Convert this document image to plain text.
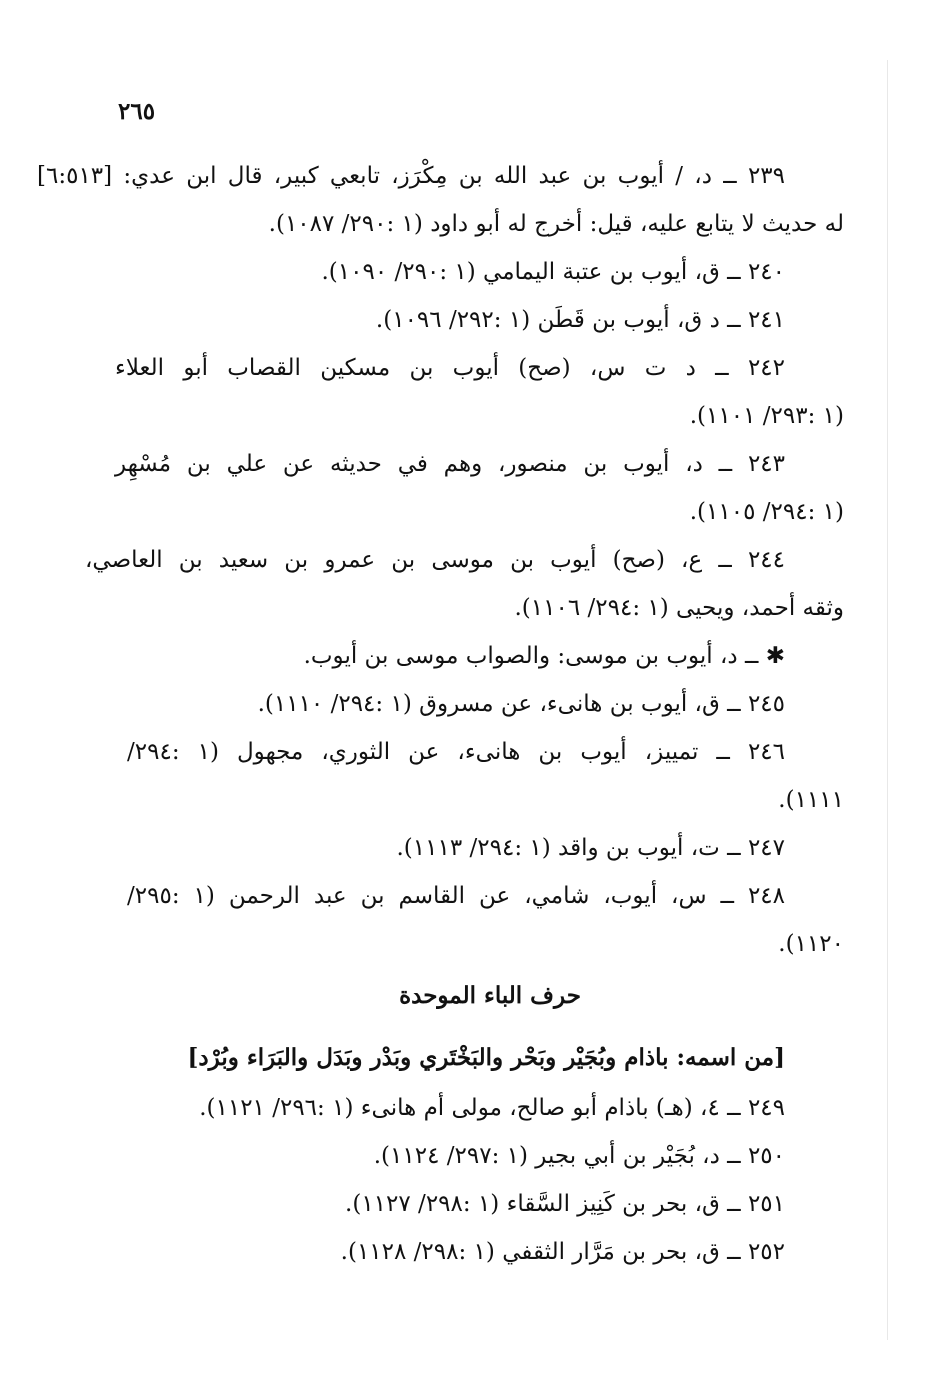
٢٦٥
٢٣٩ ــ د، / أيوب بن عبد الله بن مِكْرَز، تابعي كبير، قال ابن عدي: [٦:٥١٣]
له حديث لا يتابع عليه، قيل: أخرج له أبو داود (١ :٢٩٠/ ١٠٨٧).
٢٤٠ ــ ق، أيوب بن عتبة اليمامي (١ :٢٩٠/ ١٠٩٠).
٢٤١ ــ د ق، أيوب بن قَطَن (١ :٢٩٢/ ١٠٩٦).
٢٤٢ ــ د ت س، (صح) أيوب بن مسكين القصاب أبو العلاء
(١ :٢٩٣/ ١١٠١).
٢٤٣ ــ د، أيوب بن منصور، وهم في حديثه عن علي بن مُسْهِر
(١ :٢٩٤/ ١١٠٥).
٢٤٤ ــ ع، (صح) أيوب بن موسى بن عمرو بن سعيد بن العاصي،
وثقه أحمد، ويحيى (١ :٢٩٤/ ١١٠٦).
✱ ــ د، أيوب بن موسى: والصواب موسى بن أيوب.
٢٤٥ ــ ق، أيوب بن هانىء، عن مسروق (١ :٢٩٤/ ١١١٠).
٢٤٦ ــ تمييز، أيوب بن هانىء، عن الثوري، مجهول (١ :٢٩٤/
١١١١).
٢٤٧ ــ ت، أيوب بن واقد (١ :٢٩٤/ ١١١٣).
٢٤٨ ــ س، أيوب، شامي، عن القاسم بن عبد الرحمن (١ :٢٩٥/
١١٢٠).
حرف الباء الموحدة
[من اسمه: باذام وبُجَيْر وبَحْر والبَخْتَري وبَدْر وبَدَل والبَرَاء وبُرْد]
٢٤٩ ــ ٤، (هـ) باذام أبو صالح، مولى أم هانىء (١ :٢٩٦/ ١١٢١).
٢٥٠ ــ د، بُجَيْر بن أبي بجير (١ :٢٩٧/ ١١٢٤).
٢٥١ ــ ق، بحر بن كَنِيز السَّقاء (١ :٢٩٨/ ١١٢٧).
٢٥٢ ــ ق، بحر بن مَرَّار الثقفي (١ :٢٩٨/ ١١٢٨).
